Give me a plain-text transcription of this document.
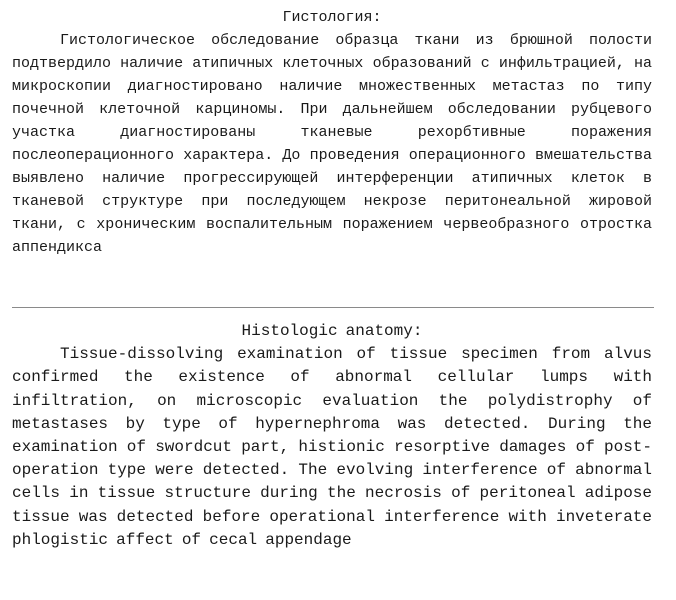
Гистология:

Гистологическое обследование образца ткани из брюшной полости подтвердило наличие атипичных клеточных образований с инфильтрацией, на микроскопии диагностировано наличие множественных метастаз по типу почечной клеточной карциномы. При дальнейшем обследовании рубцевого участка диагностированы тканевые рехорбтивные поражения послеоперационного характера. До проведения операционного вмешательства выявлено наличие прогрессирующей интерференции атипичных клеток в тканевой структуре при последующем некрозе перитонеальной жировой ткани, с хроническим воспалительным поражением червеобразного отростка аппендикса

Histologic anatomy:

Tissue-dissolving examination of tissue specimen from alvus confirmed the existence of abnormal cellular lumps with infiltration, on microscopic evaluation the polydistrophy of metastases by type of hypernephroma was detected. During the examination of swordcut part, histionic resorptive damages of post-operation type were detected. The evolving interference of abnormal cells in tissue structure during the necrosis of peritoneal adipose tissue was detected before operational interference with inveterate phlogistic affect of cecal appendage
